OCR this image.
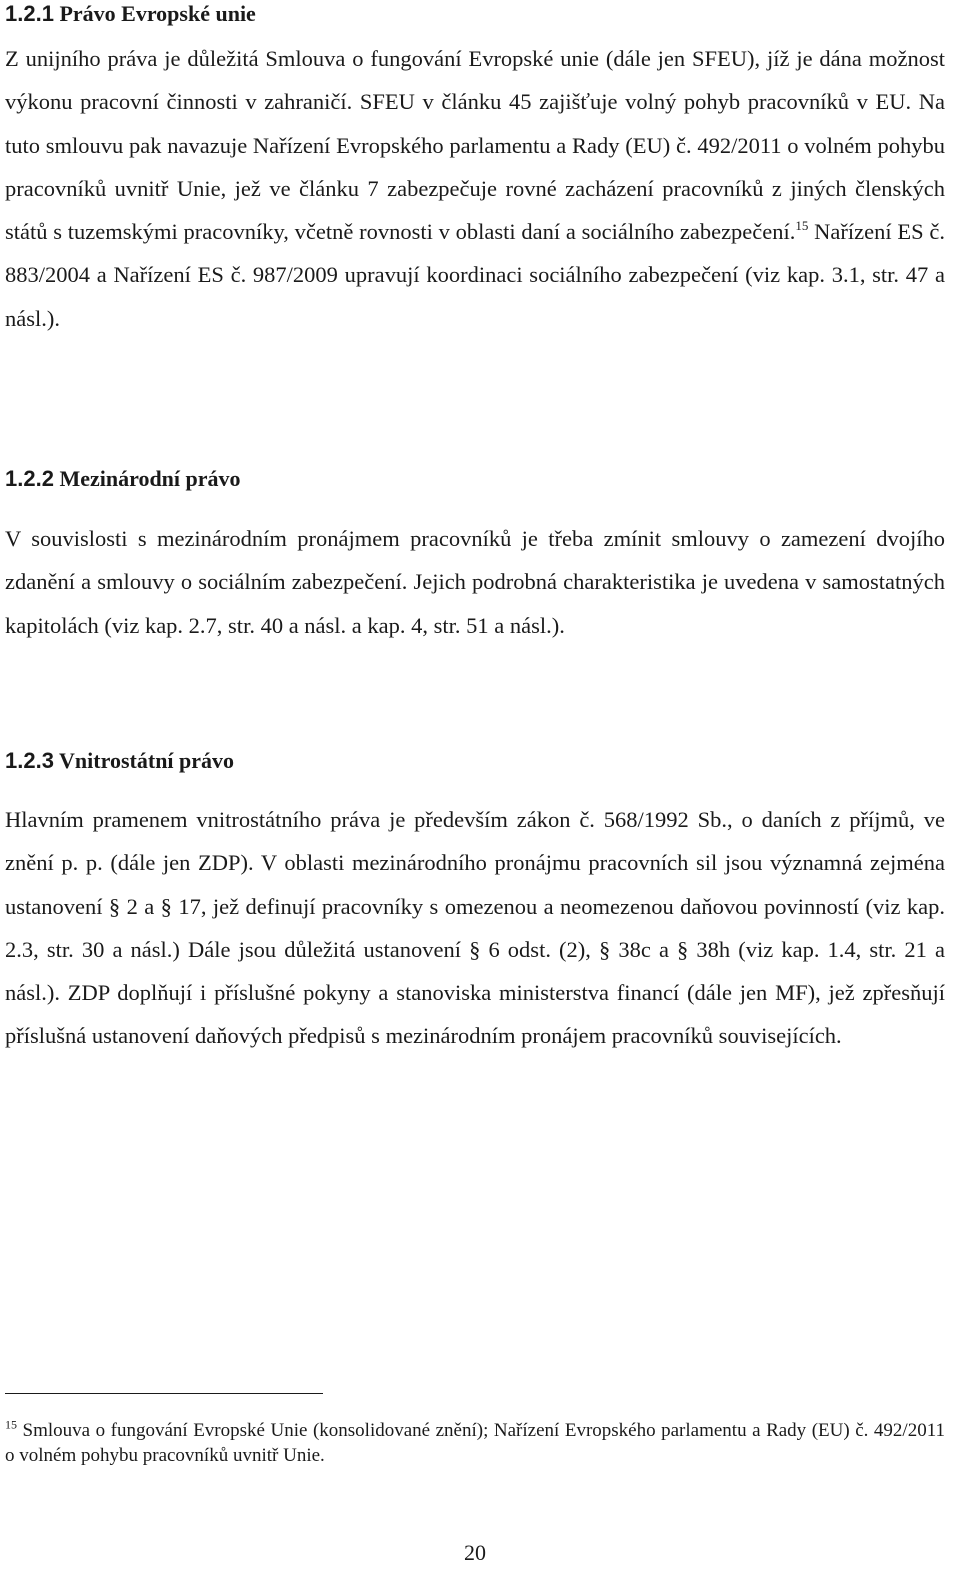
1.2.1 Právo Evropské unie

Z unijního práva je důležitá Smlouva o fungování Evropské unie (dále jen SFEU), jíž je dána možnost výkonu pracovní činnosti v zahraničí. SFEU v článku 45 zajišťuje volný pohyb pracovníků v EU. Na tuto smlouvu pak navazuje Nařízení Evropského parlamentu a Rady (EU) č. 492/2011 o volném pohybu pracovníků uvnitř Unie, jež ve článku 7 zabezpečuje rovné zacházení pracovníků z jiných členských států s tuzemskými pracovníky, včetně rovnosti v oblasti daní a sociálního zabezpečení.$^{15}$ Nařízení ES č. 883/2004 a Nařízení ES č. 987/2009 upravují koordinaci sociálního zabezpečení (viz kap. 3.1, str. 47 a násl.).

1.2.2 Mezinárodní právo

V souvislosti s mezinárodním pronájmem pracovníků je třeba zmínit smlouvy o zamezení dvojího zdanění a smlouvy o sociálním zabezpečení. Jejich podrobná charakteristika je uvedena v samostatných kapitolách (viz kap. 2.7, str. 40 a násl. a kap. 4, str. 51 a násl.).

1.2.3 Vnitrostátní právo

Hlavním pramenem vnitrostátního práva je především zákon č. 568/1992 Sb., o daních z příjmů, ve znění p. p. (dále jen ZDP). V oblasti mezinárodního pronájmu pracovních sil jsou významná zejména ustanovení § 2 a § 17, jež definují pracovníky s omezenou a neomezenou daňovou povinností (viz kap. 2.3, str. 30 a násl.) Dále jsou důležitá ustanovení § 6 odst. (2), § 38c a § 38h (viz kap. 1.4, str. 21 a násl.). ZDP doplňují i příslušné pokyny a stanoviska ministerstva financí (dále jen MF), jež zpřesňují příslušná ustanovení daňových předpisů s mezinárodním pronájem pracovníků souvisejících.

$^{15}$ Smlouva o fungování Evropské Unie (konsolidované znění); Nařízení Evropského parlamentu a Rady (EU) č. 492/2011 o volném pohybu pracovníků uvnitř Unie.

20
